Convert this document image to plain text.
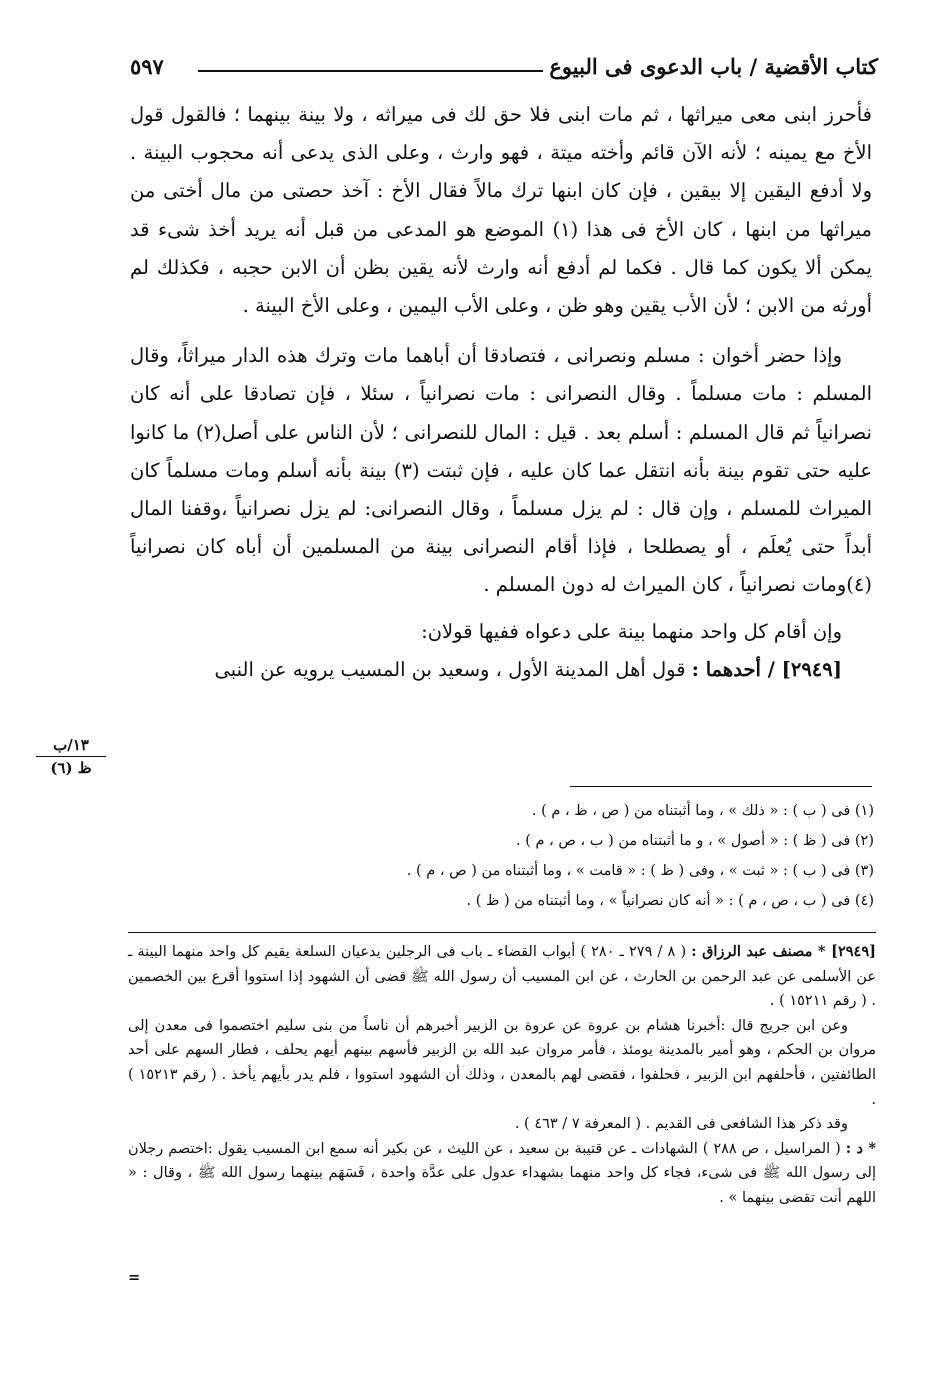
كتاب الأقضية / باب الدعوى فى البيوع
٥٩٧

فأحرز ابنى معى ميراثها ، ثم مات ابنى فلا حق لك فى ميراثه ، ولا بينة بينهما ؛ فالقول قول الأخ مع يمينه ؛ لأنه الآن قائم وأخته ميتة ، فهو وارث ، وعلى الذى يدعى أنه محجوب البينة . ولا أدفع اليقين إلا بيقين ، فإن كان ابنها ترك مالاً فقال الأخ : آخذ حصتى من مال أختى من ميراثها من ابنها ، كان الأخ فى هذا (١) الموضع هو المدعى من قبل أنه يريد أخذ شىء قد يمكن ألا يكون كما قال . فكما لم أدفع أنه وارث لأنه يقين بظن أن الابن حجبه ، فكذلك لم أورثه من الابن ؛ لأن الأب يقين وهو ظن ، وعلى الأب اليمين ، وعلى الأخ البينة .

وإذا حضر أخوان : مسلم ونصرانى ، فتصادقا أن أباهما مات وترك هذه الدار ميراثاً، وقال المسلم : مات مسلماً . وقال النصرانى : مات نصرانياً ، سئلا ، فإن تصادقا على أنه كان نصرانياً ثم قال المسلم : أسلم بعد . قيل : المال للنصرانى ؛ لأن الناس على أصل(٢) ما كانوا عليه حتى تقوم بينة بأنه انتقل عما كان عليه ، فإن ثبتت (٣) بينة بأنه أسلم ومات مسلماً كان الميراث للمسلم ، وإن قال : لم يزل مسلماً ، وقال النصرانى: لم يزل نصرانياً ،وقفنا المال أبداً حتى يُعلَم ، أو يصطلحا ، فإذا أقام النصرانى بينة من المسلمين أن أباه كان نصرانياً (٤)ومات نصرانياً ، كان الميراث له دون المسلم .

وإن أقام كل واحد منهما بينة على دعواه ففيها قولان:

[٢٩٤٩] / أحدهما : قول أهل المدينة الأول ، وسعيد بن المسيب يرويه عن النبى

١٣/ب
ظ (٦)
(١) فى ( ب ) : « ذلك » ، وما أثبتناه من ( ص ، ظ ، م ) .
(٢) فى ( ظ ) : « أصول » ، و ما أثبتناه من ( ب ، ص ، م ) .
(٣) فى ( ب ) : « ثبت » ، وفى ( ظ ) : « قامت » ، وما أثبتناه من ( ص ، م ) .
(٤) فى ( ب ، ص ، م ) : « أنه كان نصرانياً » ، وما أثبتناه من ( ظ ) .

[٢٩٤٩] * مصنف عبد الرزاق : ( ٨ / ٢٧٩ ـ ٢٨٠ ) أبواب القضاء ـ باب فى الرجلين يدعيان السلعة يقيم كل واحد منهما البينة ـ عن الأسلمى عن عبد الرحمن بن الحارث ، عن ابن المسيب أن رسول الله ﷺ قضى أن الشهود إذا استووا أقرع بين الخصمين . ( رقم ١٥٢١١ ) .

وعن ابن جريج قال :أخبرنا هشام بن عروة عن عروة بن الزبير أخبرهم أن ناساً من بنى سليم اختصموا فى معدن إلى مروان بن الحكم ، وهو أمير بالمدينة يومئذ ، فأمر مروان عبد الله بن الزبير فأسهم بينهم أيهم يحلف ، فطار السهم على أحد الطائفتين ، فأحلفهم ابن الزبير ، فحلفوا ، فقضى لهم بالمعدن ، وذلك أن الشهود استووا ، فلم يدر بأيهم يأخذ . ( رقم ١٥٢١٣ ) .

وقد ذكر هذا الشافعى فى القديم . ( المعرفة ٧ / ٤٦٣ ) .

* د : ( المراسيل ، ص ٢٨٨ ) الشهادات ـ عن قتيبة بن سعيد ، عن الليث ، عن بكير أنه سمع ابن المسيب يقول :اختصم رجلان إلى رسول الله ﷺ فى شىء، فجاء كل واحد منهما بشهداء عدول على عدَّة واحدة ، فَسَهَم بينهما رسول الله ﷺ ، وقال : « اللهم أنت تقضى بينهما » .

=
